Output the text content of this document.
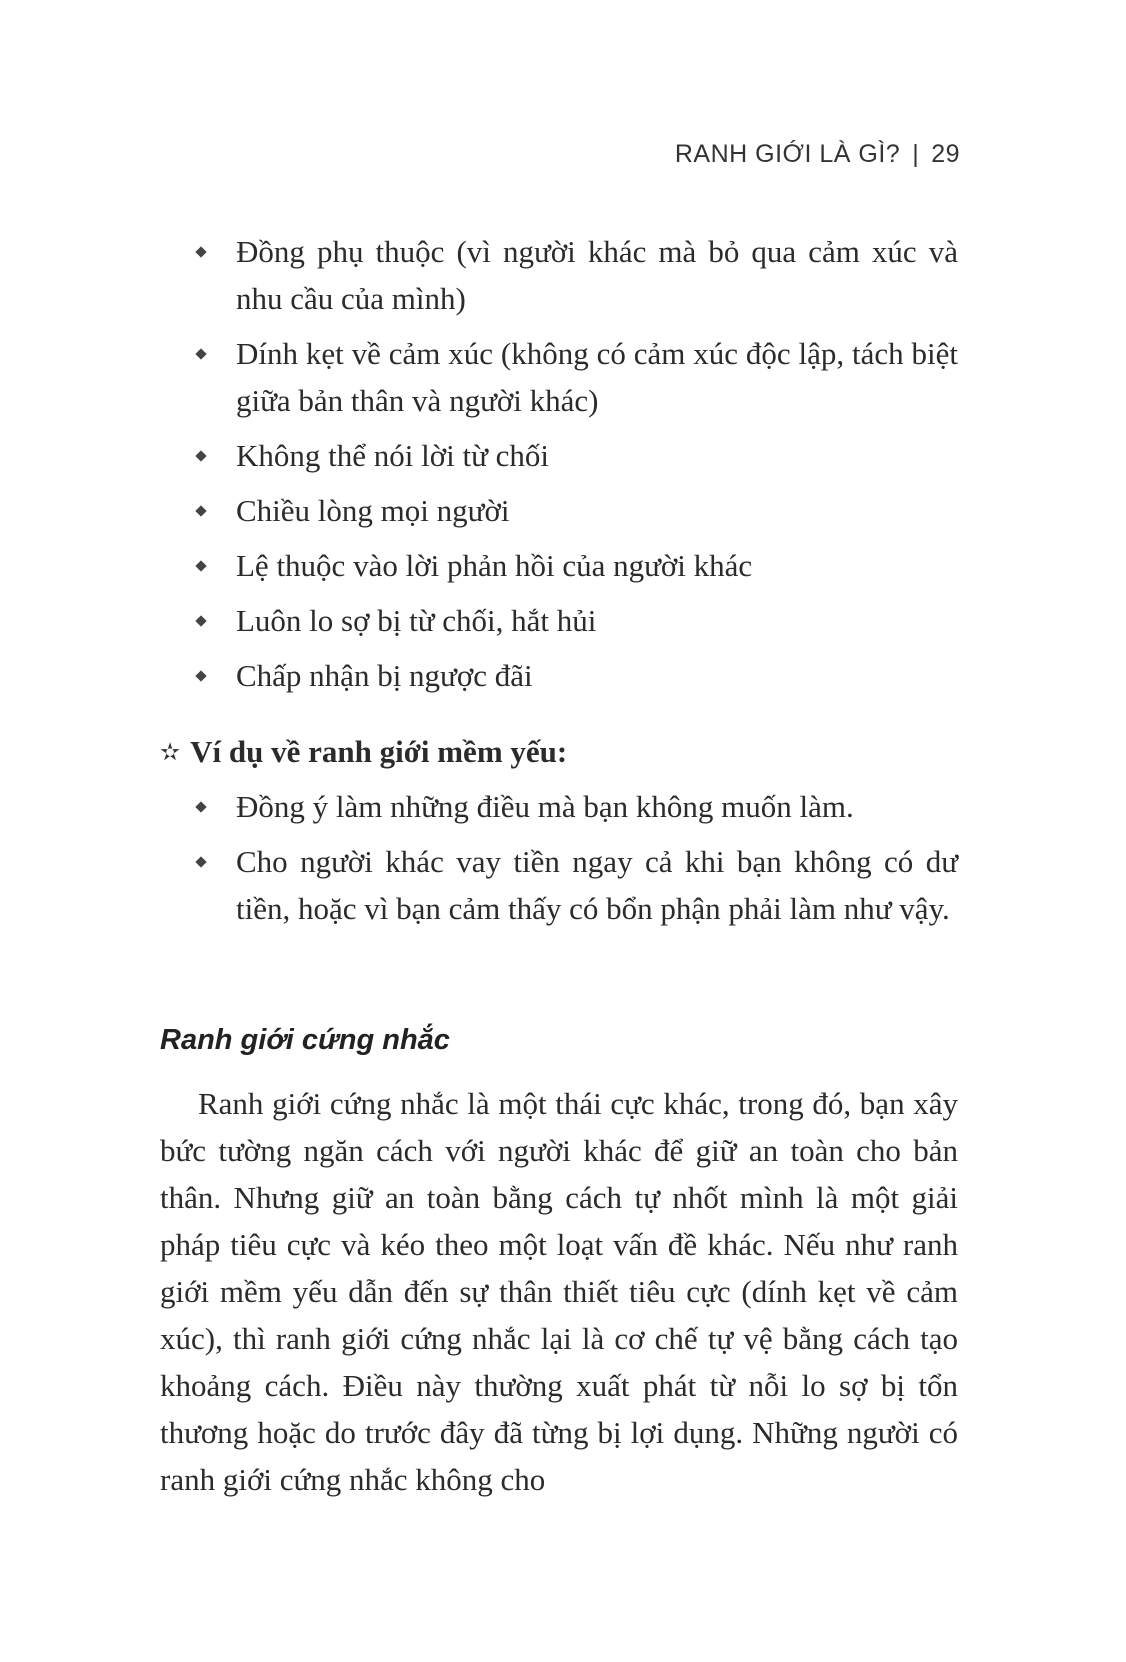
RANH GIỚI LÀ GÌ? | 29
Đồng phụ thuộc (vì người khác mà bỏ qua cảm xúc và nhu cầu của mình)
Dính kẹt về cảm xúc (không có cảm xúc độc lập, tách biệt giữa bản thân và người khác)
Không thể nói lời từ chối
Chiều lòng mọi người
Lệ thuộc vào lời phản hồi của người khác
Luôn lo sợ bị từ chối, hắt hủi
Chấp nhận bị ngược đãi
✫ Ví dụ về ranh giới mềm yếu:
Đồng ý làm những điều mà bạn không muốn làm.
Cho người khác vay tiền ngay cả khi bạn không có dư tiền, hoặc vì bạn cảm thấy có bổn phận phải làm như vậy.
Ranh giới cứng nhắc

Ranh giới cứng nhắc là một thái cực khác, trong đó, bạn xây bức tường ngăn cách với người khác để giữ an toàn cho bản thân. Nhưng giữ an toàn bằng cách tự nhốt mình là một giải pháp tiêu cực và kéo theo một loạt vấn đề khác. Nếu như ranh giới mềm yếu dẫn đến sự thân thiết tiêu cực (dính kẹt về cảm xúc), thì ranh giới cứng nhắc lại là cơ chế tự vệ bằng cách tạo khoảng cách. Điều này thường xuất phát từ nỗi lo sợ bị tổn thương hoặc do trước đây đã từng bị lợi dụng. Những người có ranh giới cứng nhắc không cho
